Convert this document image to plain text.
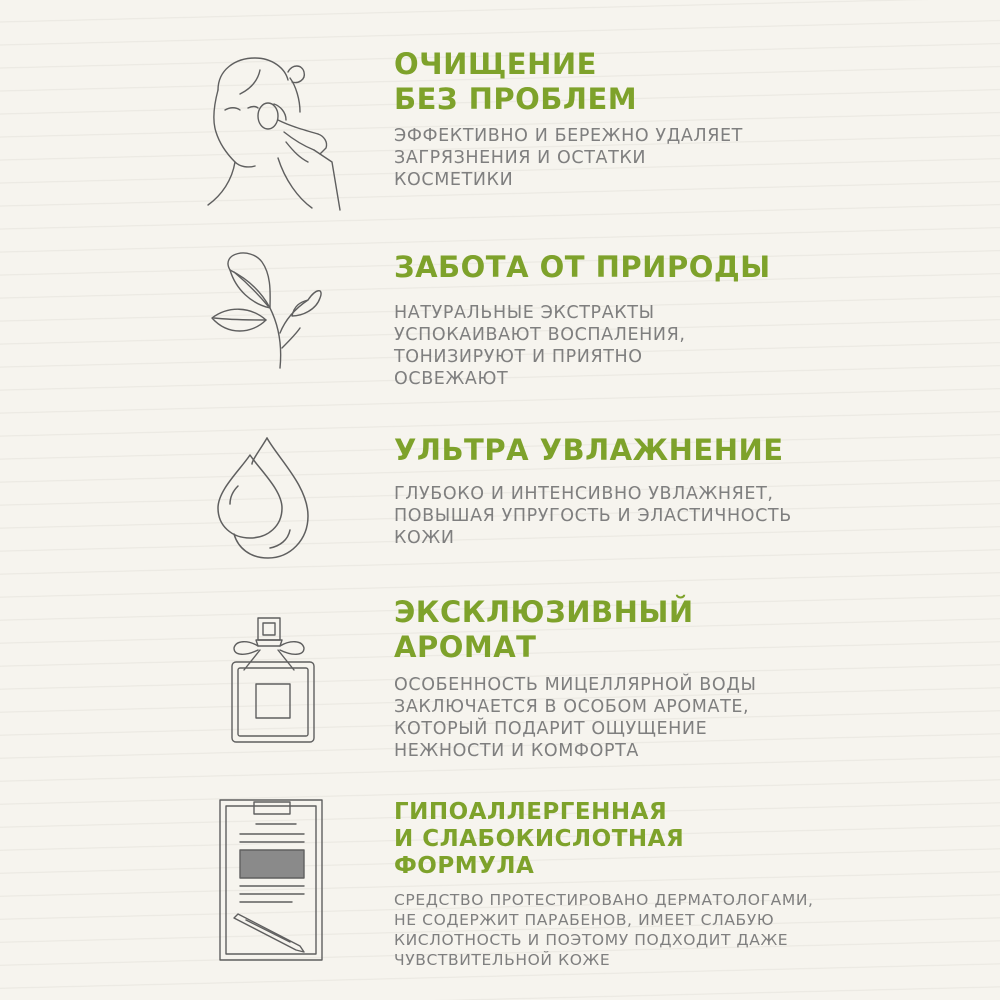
ОЧИЩЕНИЕ
БЕЗ ПРОБЛЕМ

ЭФФЕКТИВНО И БЕРЕЖНО УДАЛЯЕТ
ЗАГРЯЗНЕНИЯ И ОСТАТКИ
КОСМЕТИКИ

ЗАБОТА ОТ ПРИРОДЫ

НАТУРАЛЬНЫЕ ЭКСТРАКТЫ
УСПОКАИВАЮТ ВОСПАЛЕНИЯ,
ТОНИЗИРУЮТ И ПРИЯТНО
ОСВЕЖАЮТ

УЛЬТРА УВЛАЖНЕНИЕ

ГЛУБОКО И ИНТЕНСИВНО УВЛАЖНЯЕТ,
ПОВЫШАЯ УПРУГОСТЬ И ЭЛАСТИЧНОСТЬ
КОЖИ

ЭКСКЛЮЗИВНЫЙ
АРОМАТ

ОСОБЕННОСТЬ МИЦЕЛЛЯРНОЙ ВОДЫ
ЗАКЛЮЧАЕТСЯ В ОСОБОМ АРОМАТЕ,
КОТОРЫЙ ПОДАРИТ ОЩУЩЕНИЕ
НЕЖНОСТИ И КОМФОРТА

ГИПОАЛЛЕРГЕННАЯ
И СЛАБОКИСЛОТНАЯ
ФОРМУЛА

СРЕДСТВО ПРОТЕСТИРОВАНО ДЕРМАТОЛОГАМИ,
НЕ СОДЕРЖИТ ПАРАБЕНОВ, ИМЕЕТ СЛАБУЮ
КИСЛОТНОСТЬ И ПОЭТОМУ ПОДХОДИТ ДАЖЕ
ЧУВСТВИТЕЛЬНОЙ КОЖЕ
